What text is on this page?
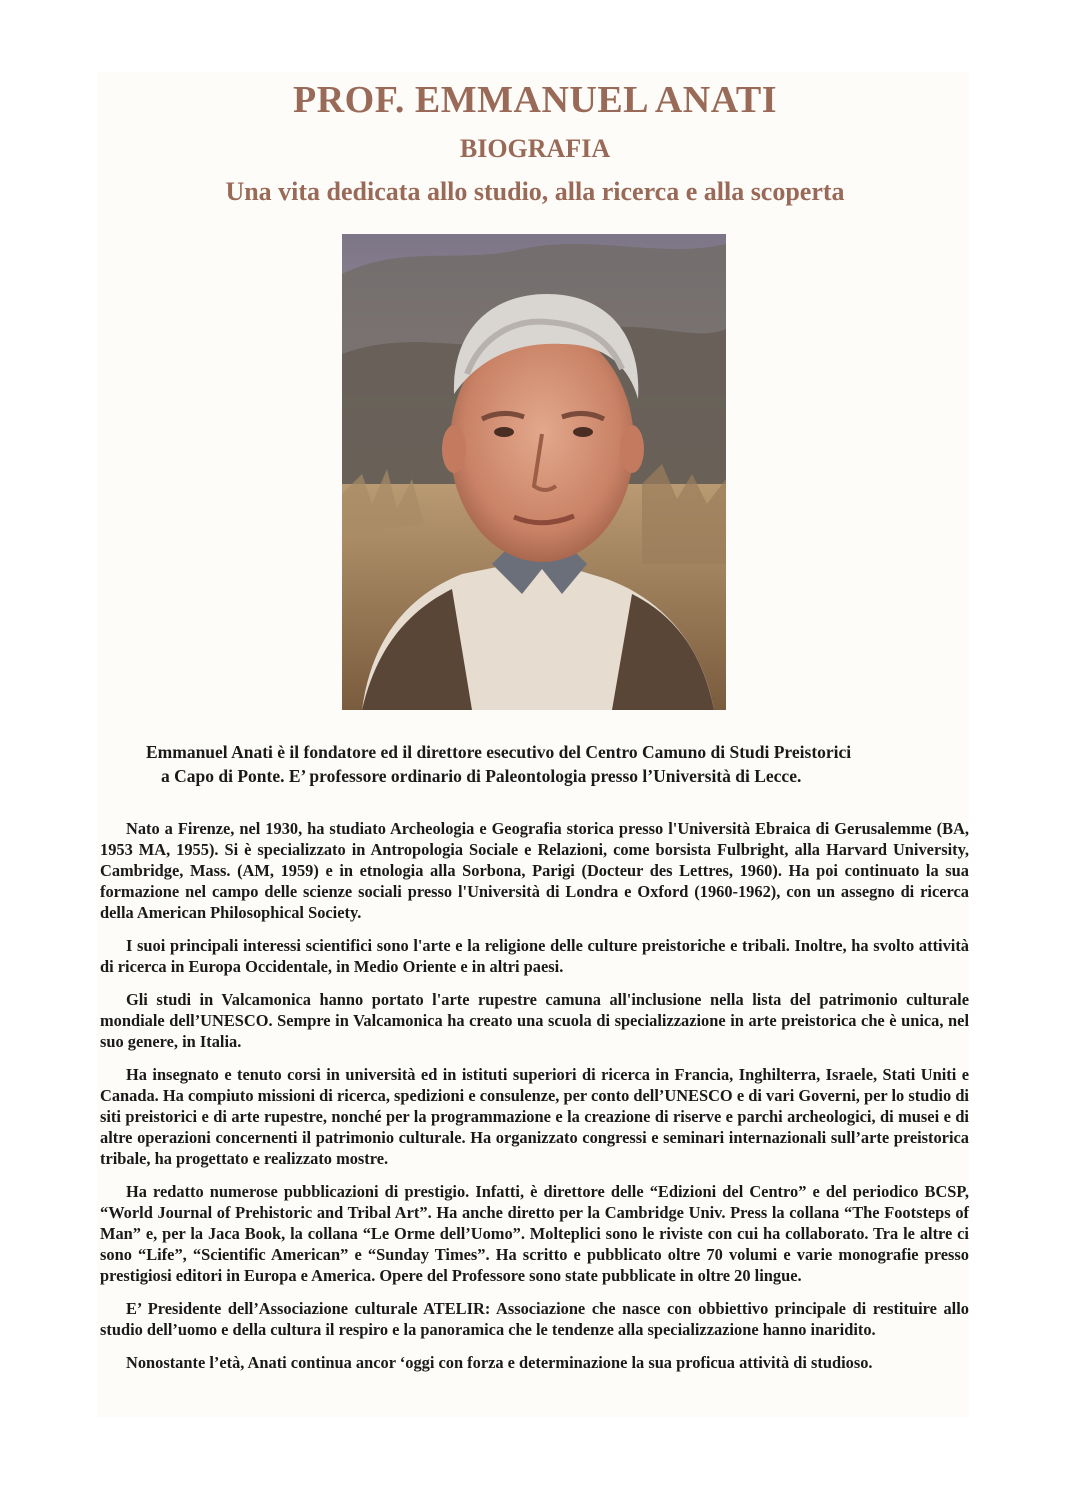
PROF. EMMANUEL ANATI
BIOGRAFIA
Una vita dedicata allo studio, alla ricerca e alla scoperta
Emmanuel Anati è il fondatore ed il direttore esecutivo del Centro Camuno di Studi Preistorici
a Capo di Ponte. E’ professore ordinario di Paleontologia presso l’Università di Lecce.

Nato a Firenze, nel 1930, ha studiato Archeologia e Geografia storica presso l'Università Ebraica di Gerusalemme (BA, 1953 MA, 1955). Si è specializzato in Antropologia Sociale e Relazioni, come borsista Fulbright, alla Harvard University, Cambridge, Mass. (AM, 1959) e in etnologia alla Sorbona, Parigi (Docteur des Lettres, 1960). Ha poi continuato la sua formazione nel campo delle scienze sociali presso l'Università di Londra e Oxford (1960-1962), con un assegno di ricerca della American Philosophical Society.

I suoi principali interessi scientifici sono l'arte e la religione delle culture preistoriche e tribali. Inoltre, ha svolto attività di ricerca in Europa Occidentale, in Medio Oriente e in altri paesi.

Gli studi in Valcamonica hanno portato l'arte rupestre camuna all'inclusione nella lista del patrimonio culturale mondiale dell’UNESCO. Sempre in Valcamonica ha creato una scuola di specializzazione in arte preistorica che è unica, nel suo genere, in Italia.

Ha insegnato e tenuto corsi in università ed in istituti superiori di ricerca in Francia, Inghilterra, Israele, Stati Uniti e Canada. Ha compiuto missioni di ricerca, spedizioni e consulenze, per conto dell’UNESCO e di vari Governi, per lo studio di siti preistorici e di arte rupestre, nonché per la programmazione e la creazione di riserve e parchi archeologici, di musei e di altre operazioni concernenti il patrimonio culturale. Ha organizzato congressi e seminari internazionali sull’arte preistorica tribale, ha progettato e realizzato mostre.

Ha redatto numerose pubblicazioni di prestigio. Infatti, è direttore delle “Edizioni del Centro” e del periodico BCSP, “World Journal of Prehistoric and Tribal Art”. Ha anche diretto per la Cambridge Univ. Press la collana “The Footsteps of Man” e, per la Jaca Book, la collana “Le Orme dell’Uomo”. Molteplici sono le riviste con cui ha collaborato. Tra le altre ci sono “Life”, “Scientific American” e “Sunday Times”. Ha scritto e pubblicato oltre 70 volumi e varie monografie presso prestigiosi editori in Europa e America. Opere del Professore sono state pubblicate in oltre 20 lingue.

E’ Presidente dell’Associazione culturale ATELIR: Associazione che nasce con obbiettivo principale di restituire allo studio dell’uomo e della cultura il respiro e la panoramica che le tendenze alla specializzazione hanno inaridito.

Nonostante l’età, Anati continua ancor ‘oggi con forza e determinazione la sua proficua attività di studioso.
